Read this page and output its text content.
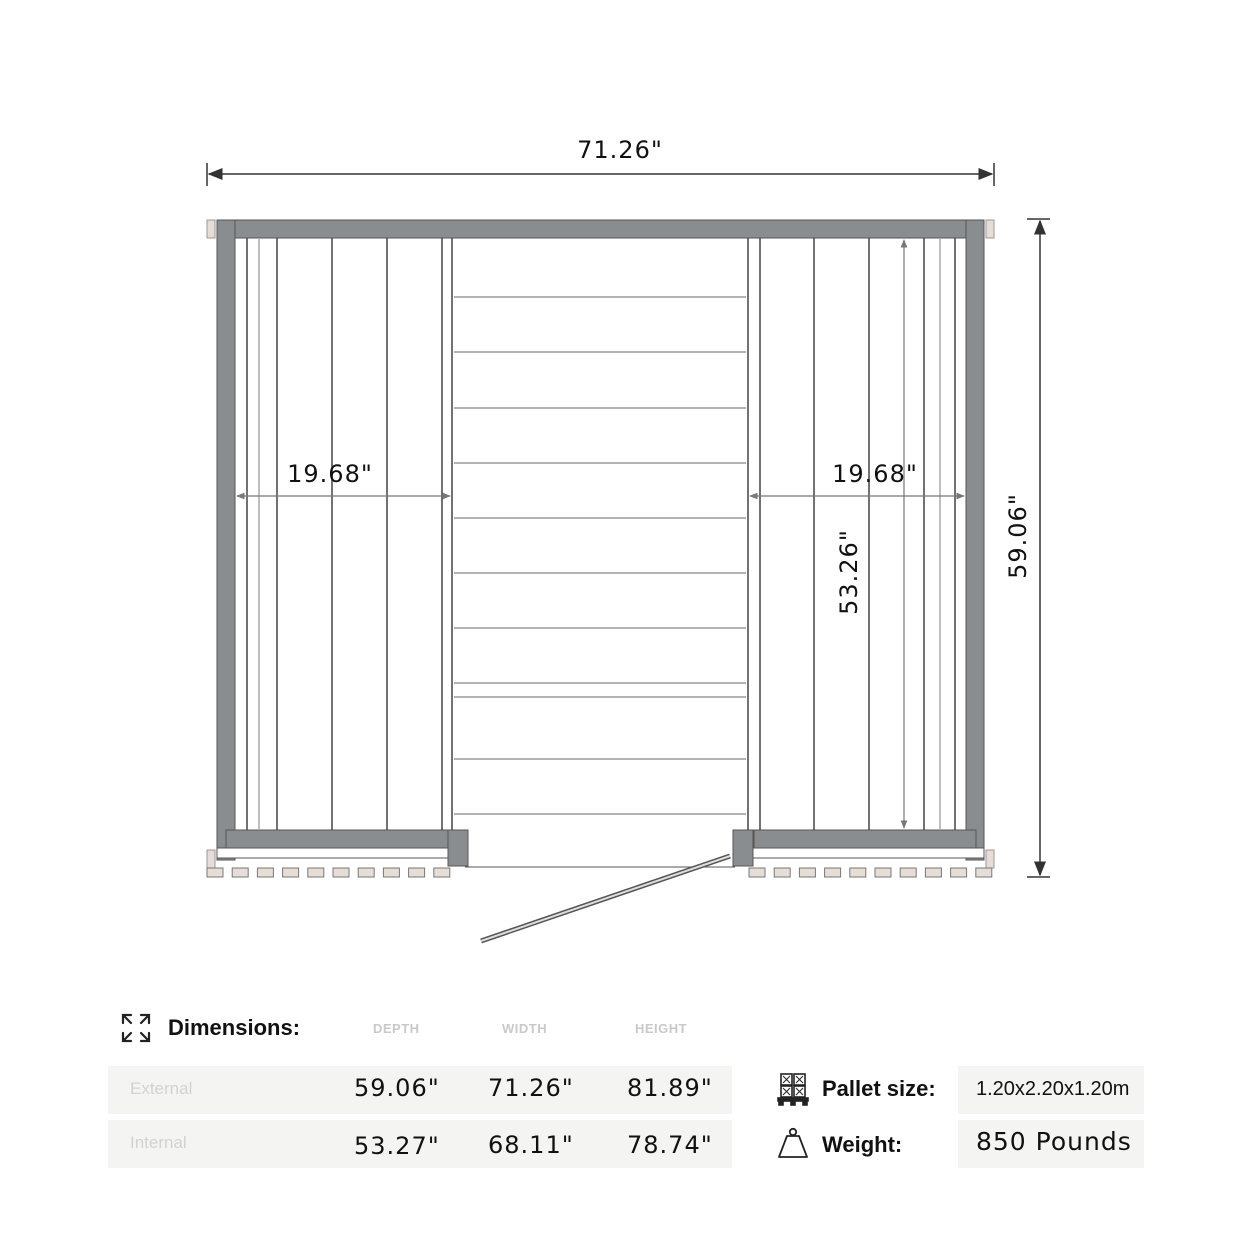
71.26"
59.06"
19.68"	19.68"
53.26"
Dimensions:	DEPTH	WIDTH	HEIGHT
External	59.06" 71.26" 81.89"
Internal	53.27" 68.11" 78.74"
Pallet size: 1.20x2.20x1.20m
Weight:	850 Pounds
